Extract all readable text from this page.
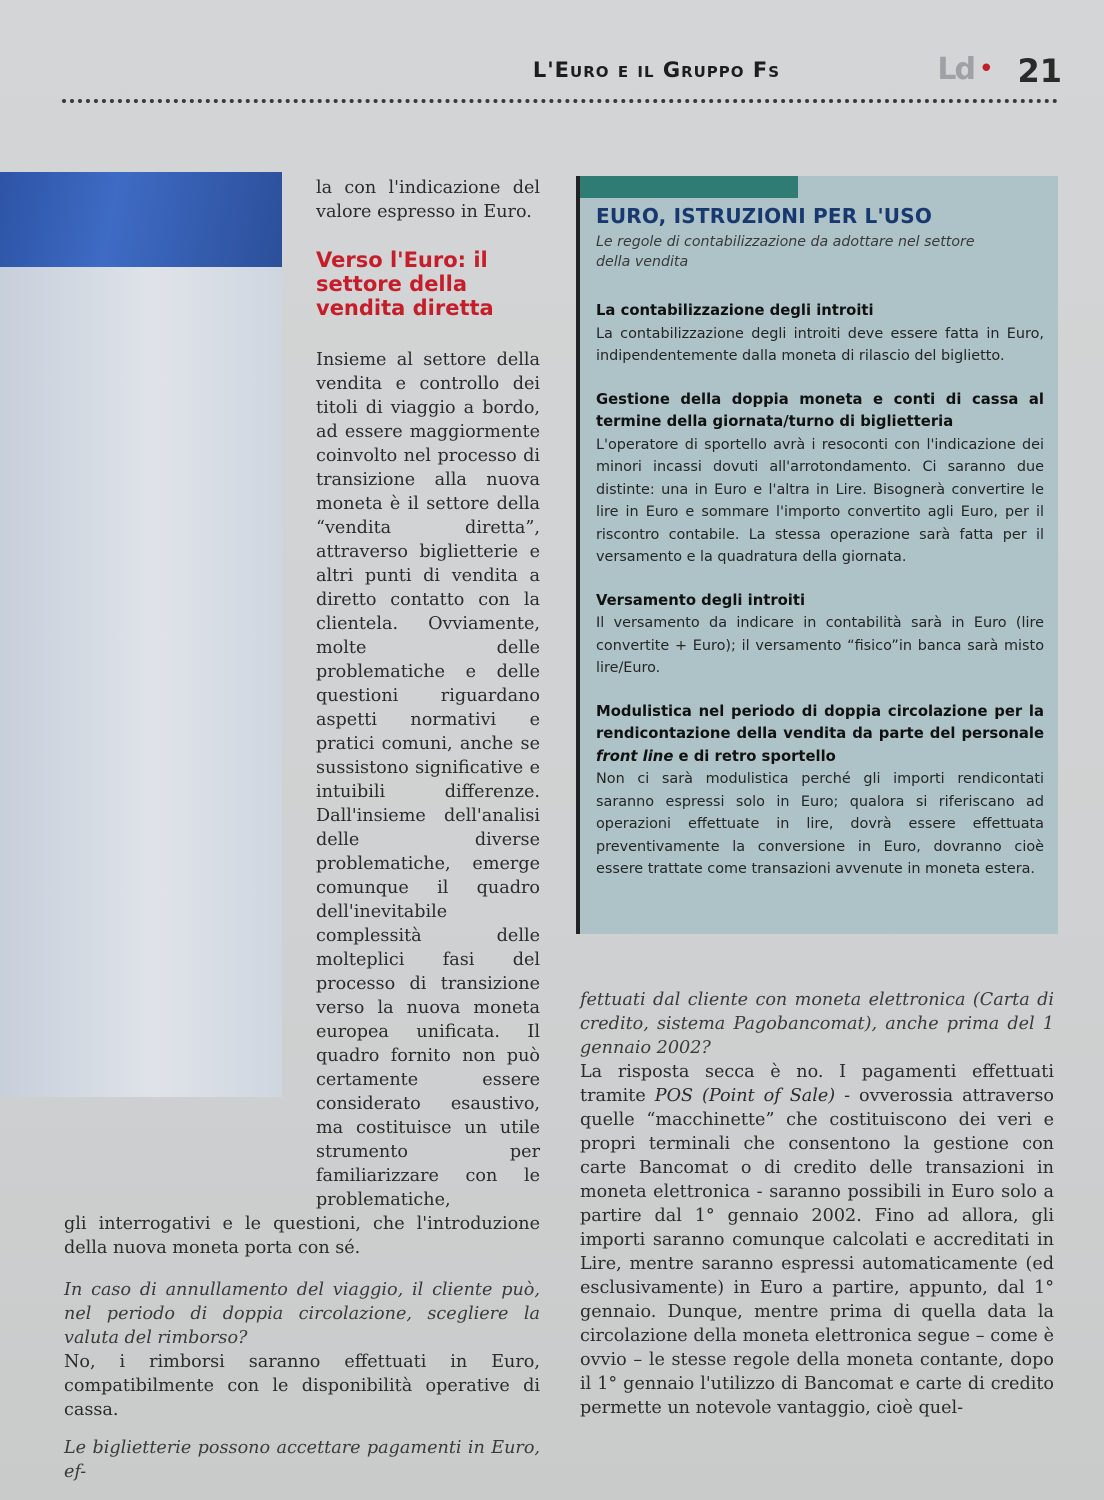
L'Euro e il Gruppo Fs	Ld • 21
la con l'indicazione del valore espresso in Euro.
Verso l'Euro: il settore della vendita diretta
Insieme al settore della vendita e controllo dei titoli di viaggio a bordo, ad essere maggiormente coinvolto nel processo di transizione alla nuova moneta è il settore della “vendita diretta”, attraverso biglietterie e altri punti di vendita a diretto contatto con la clientela. Ovviamente, molte delle problematiche e delle questioni riguardano aspetti normativi e pratici comuni, anche se sussistono significative e intuibili differenze. Dall'insieme dell'analisi delle diverse problematiche, emerge comunque il quadro dell'inevitabile complessità delle molteplici fasi del processo di transizione verso la nuova moneta europea unificata. Il quadro fornito non può certamente essere considerato esaustivo, ma costituisce un utile strumento per familiarizzare con le problematiche,
gli interrogativi e le questioni, che l'introduzione della nuova moneta porta con sé.
In caso di annullamento del viaggio, il cliente può, nel periodo di doppia circolazione, scegliere la valuta del rimborso?
No, i rimborsi saranno effettuati in Euro, compatibilmente con le disponibilità operative di cassa.
Le biglietterie possono accettare pagamenti in Euro, ef-
EURO, ISTRUZIONI PER L'USO
Le regole di contabilizzazione da adottare nel settore della vendita
La contabilizzazione degli introiti
La contabilizzazione degli introiti deve essere fatta in Euro, indipendentemente dalla moneta di rilascio del biglietto.
Gestione della doppia moneta e conti di cassa al termine della giornata/turno di biglietteria
L'operatore di sportello avrà i resoconti con l'indicazione dei minori incassi dovuti all'arrotondamento. Ci saranno due distinte: una in Euro e l'altra in Lire. Bisognerà convertire le lire in Euro e sommare l'importo convertito agli Euro, per il riscontro contabile. La stessa operazione sarà fatta per il versamento e la quadratura della giornata.
Versamento degli introiti
Il versamento da indicare in contabilità sarà in Euro (lire convertite + Euro); il versamento “fisico”in banca sarà misto lire/Euro.
Modulistica nel periodo di doppia circolazione per la rendicontazione della vendita da parte del personale front line e di retro sportello
Non ci sarà modulistica perché gli importi rendicontati saranno espressi solo in Euro; qualora si riferiscano ad operazioni effettuate in lire, dovrà essere effettuata preventivamente la conversione in Euro, dovranno cioè essere trattate come transazioni avvenute in moneta estera.
fettuati dal cliente con moneta elettronica (Carta di credito, sistema Pagobancomat), anche prima del 1 gennaio 2002?
La risposta secca è no. I pagamenti effettuati tramite POS (Point of Sale) - ovverossia attraverso quelle “macchinette” che costituiscono dei veri e propri terminali che consentono la gestione con carte Bancomat o di credito delle transazioni in moneta elettronica - saranno possibili in Euro solo a partire dal 1° gennaio 2002. Fino ad allora, gli importi saranno comunque calcolati e accreditati in Lire, mentre saranno espressi automaticamente (ed esclusivamente) in Euro a partire, appunto, dal 1° gennaio. Dunque, mentre prima di quella data la circolazione della moneta elettronica segue – come è ovvio – le stesse regole della moneta contante, dopo il 1° gennaio l'utilizzo di Bancomat e carte di credito permette un notevole vantaggio, cioè quel-
